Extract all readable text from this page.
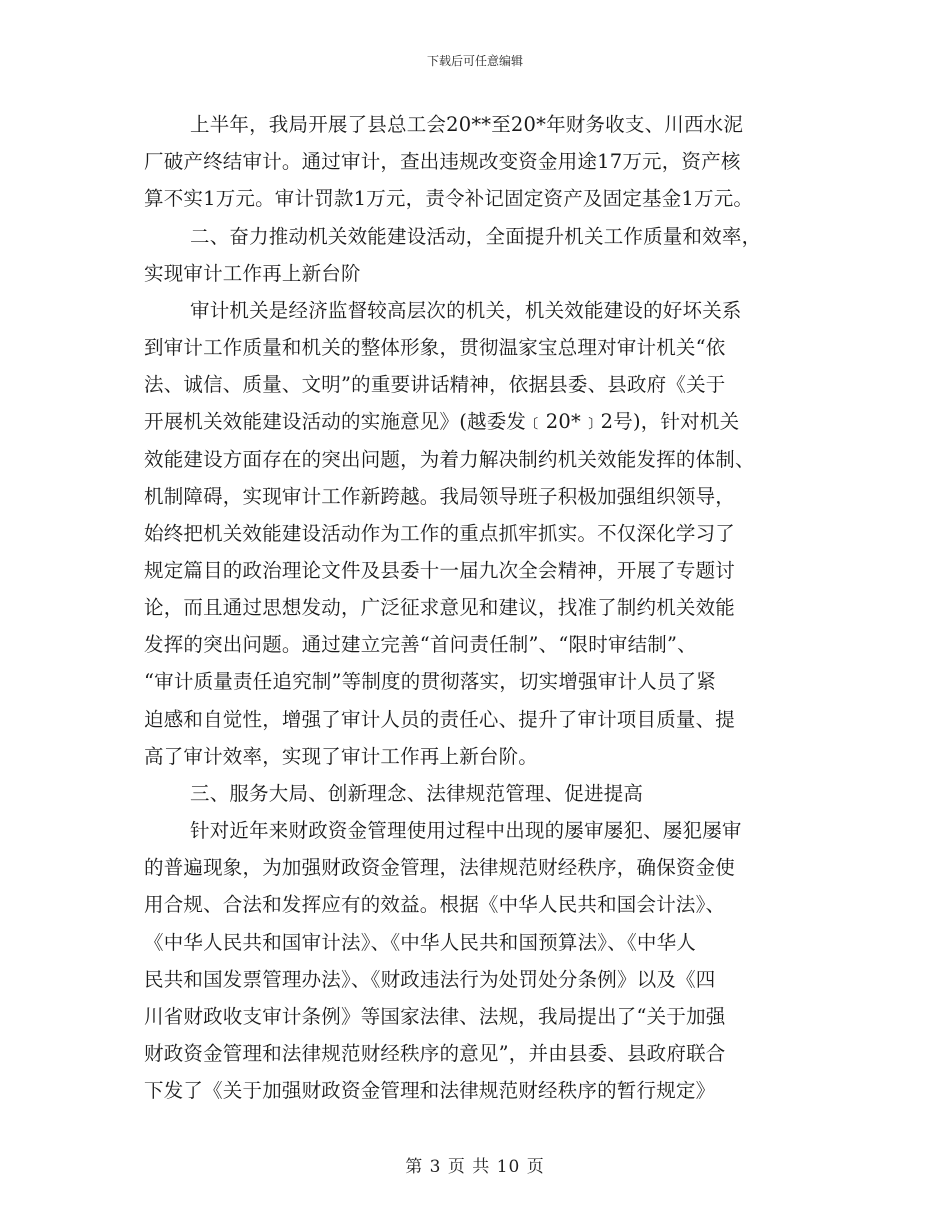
下载后可任意编辑
上半年，我局开展了县总工会20**至20*年财务收支、川西水泥
厂破产终结审计。通过审计，查出违规改变资金用途17万元，资产核
算不实1万元。审计罚款1万元，责令补记固定资产及固定基金1万元。
二、奋力推动机关效能建设活动，全面提升机关工作质量和效率，
实现审计工作再上新台阶
审计机关是经济监督较高层次的机关，机关效能建设的好坏关系
到审计工作质量和机关的整体形象，贯彻温家宝总理对审计机关“依
法、诚信、质量、文明”的重要讲话精神，依据县委、县政府《关于
开展机关效能建设活动的实施意见》(越委发﹝20*﹞2号)，针对机关
效能建设方面存在的突出问题，为着力解决制约机关效能发挥的体制、
机制障碍，实现审计工作新跨越。我局领导班子积极加强组织领导，
始终把机关效能建设活动作为工作的重点抓牢抓实。不仅深化学习了
规定篇目的政治理论文件及县委十一届九次全会精神，开展了专题讨
论，而且通过思想发动，广泛征求意见和建议，找准了制约机关效能
发挥的突出问题。通过建立完善“首问责任制”、“限时审结制”、
“审计质量责任追究制”等制度的贯彻落实，切实增强审计人员了紧
迫感和自觉性，增强了审计人员的责任心、提升了审计项目质量、提
高了审计效率，实现了审计工作再上新台阶。
三、服务大局、创新理念、法律规范管理、促进提高
针对近年来财政资金管理使用过程中出现的屡审屡犯、屡犯屡审
的普遍现象，为加强财政资金管理，法律规范财经秩序，确保资金使
用合规、合法和发挥应有的效益。根据《中华人民共和国会计法》、
《中华人民共和国审计法》、《中华人民共和国预算法》、《中华人
民共和国发票管理办法》、《财政违法行为处罚处分条例》以及《四
川省财政收支审计条例》等国家法律、法规，我局提出了“关于加强
财政资金管理和法律规范财经秩序的意见”，并由县委、县政府联合
下发了《关于加强财政资金管理和法律规范财经秩序的暂行规定》
第 3 页 共 10 页
